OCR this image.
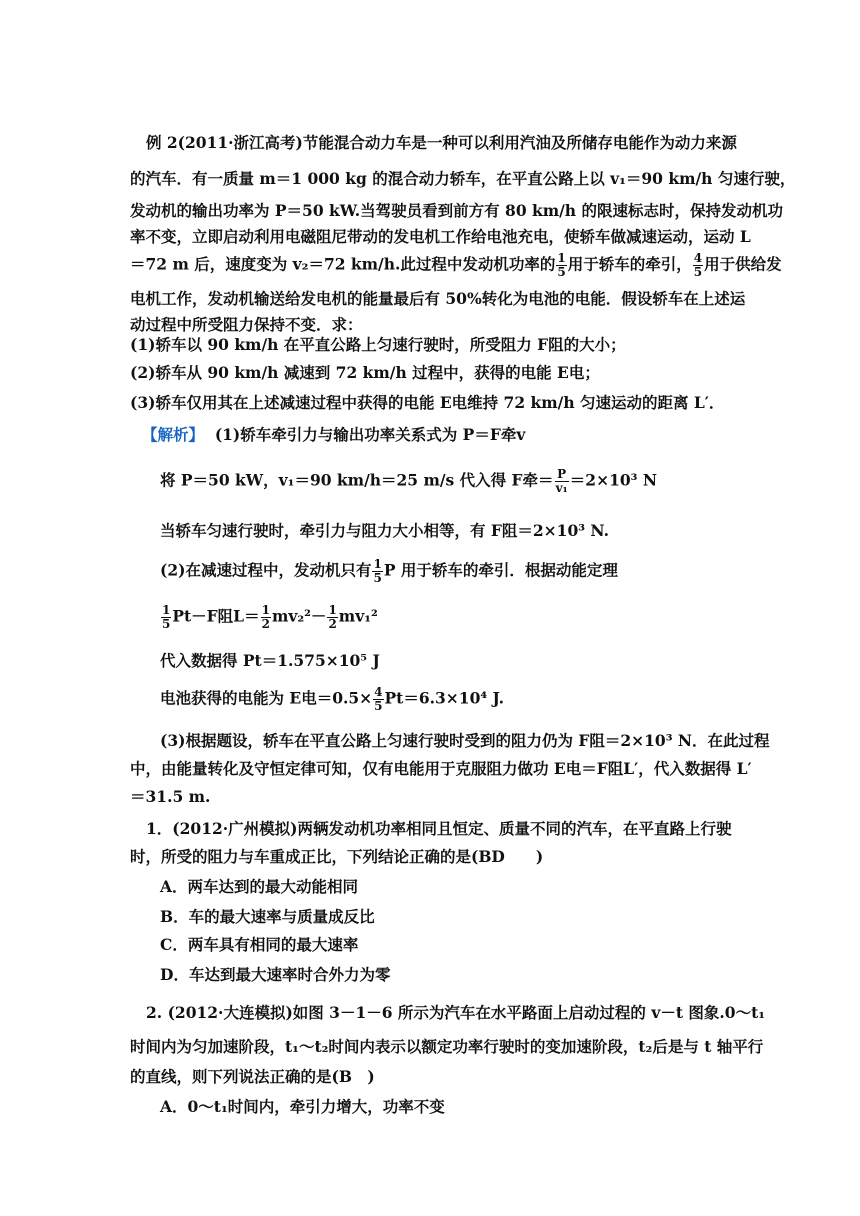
例 2(2011·浙江高考)节能混合动力车是一种可以利用汽油及所储存电能作为动力来源
的汽车．有一质量 m＝1 000 kg 的混合动力轿车，在平直公路上以 v₁＝90 km/h 匀速行驶，
发动机的输出功率为 P＝50 kW.当驾驶员看到前方有 80 km/h 的限速标志时，保持发动机功
率不变，立即启动利用电磁阻尼带动的发电机工作给电池充电，使轿车做减速运动，运动 L
＝72 m 后，速度变为 v₂＝72 km/h.此过程中发动机功率的 $\frac{1}{5}$ 用于轿车的牵引， $\frac{4}{5}$ 用于供给发
电机工作，发动机输送给发电机的能量最后有 50%转化为电池的电能．假设轿车在上述运
动过程中所受阻力保持不变．求：
(1)轿车以 90 km/h 在平直公路上匀速行驶时，所受阻力 F阻的大小；
(2)轿车从 90 km/h 减速到 72 km/h 过程中，获得的电能 E电；
(3)轿车仅用其在上述减速过程中获得的电能 E电维持 72 km/h 匀速运动的距离 L′．
【解析】 (1)轿车牵引力与输出功率关系式为 P＝F牵v
将 P＝50 kW，v₁＝90 km/h＝25 m/s 代入得 F牵＝ $\frac{P}{\text{v₁}} =2\times 10^3$ N
当轿车匀速行驶时，牵引力与阻力大小相等，有 F阻＝2×10³ N.
(2)在减速过程中，发动机只有 $\frac{1}{5}$ P 用于轿车的牵引．根据动能定理
$\frac{1}{5} Pt-F$阻$L= \frac{1}{2} mv_2^2- \frac{1}{2} mv_1^2$
代入数据得 Pt＝1.575×10⁵ J
电池获得的电能为 E电$=0.5\times \frac{4}{5} Pt=6.3\times 10^4$ J.
(3)根据题设，轿车在平直公路上匀速行驶时受到的阻力仍为 F阻＝2×10³ N．在此过程
中，由能量转化及守恒定律可知，仅有电能用于克服阻力做功 E电＝F阻L′，代入数据得 L′
＝31.5 m.
1．(2012·广州模拟)两辆发动机功率相同且恒定、质量不同的汽车，在平直路上行驶
时，所受的阻力与车重成正比，下列结论正确的是(BD　　)
A．两车达到的最大动能相同
B．车的最大速率与质量成反比
C．两车具有相同的最大速率
D．车达到最大速率时合外力为零
2. (2012·大连模拟)如图 3－1－6 所示为汽车在水平路面上启动过程的 v－t 图象.0～t₁
时间内为匀加速阶段，t₁～t₂时间内表示以额定功率行驶时的变加速阶段，t₂后是与 t 轴平行
的直线，则下列说法正确的是(B　)
A．0～t₁时间内，牵引力增大，功率不变
